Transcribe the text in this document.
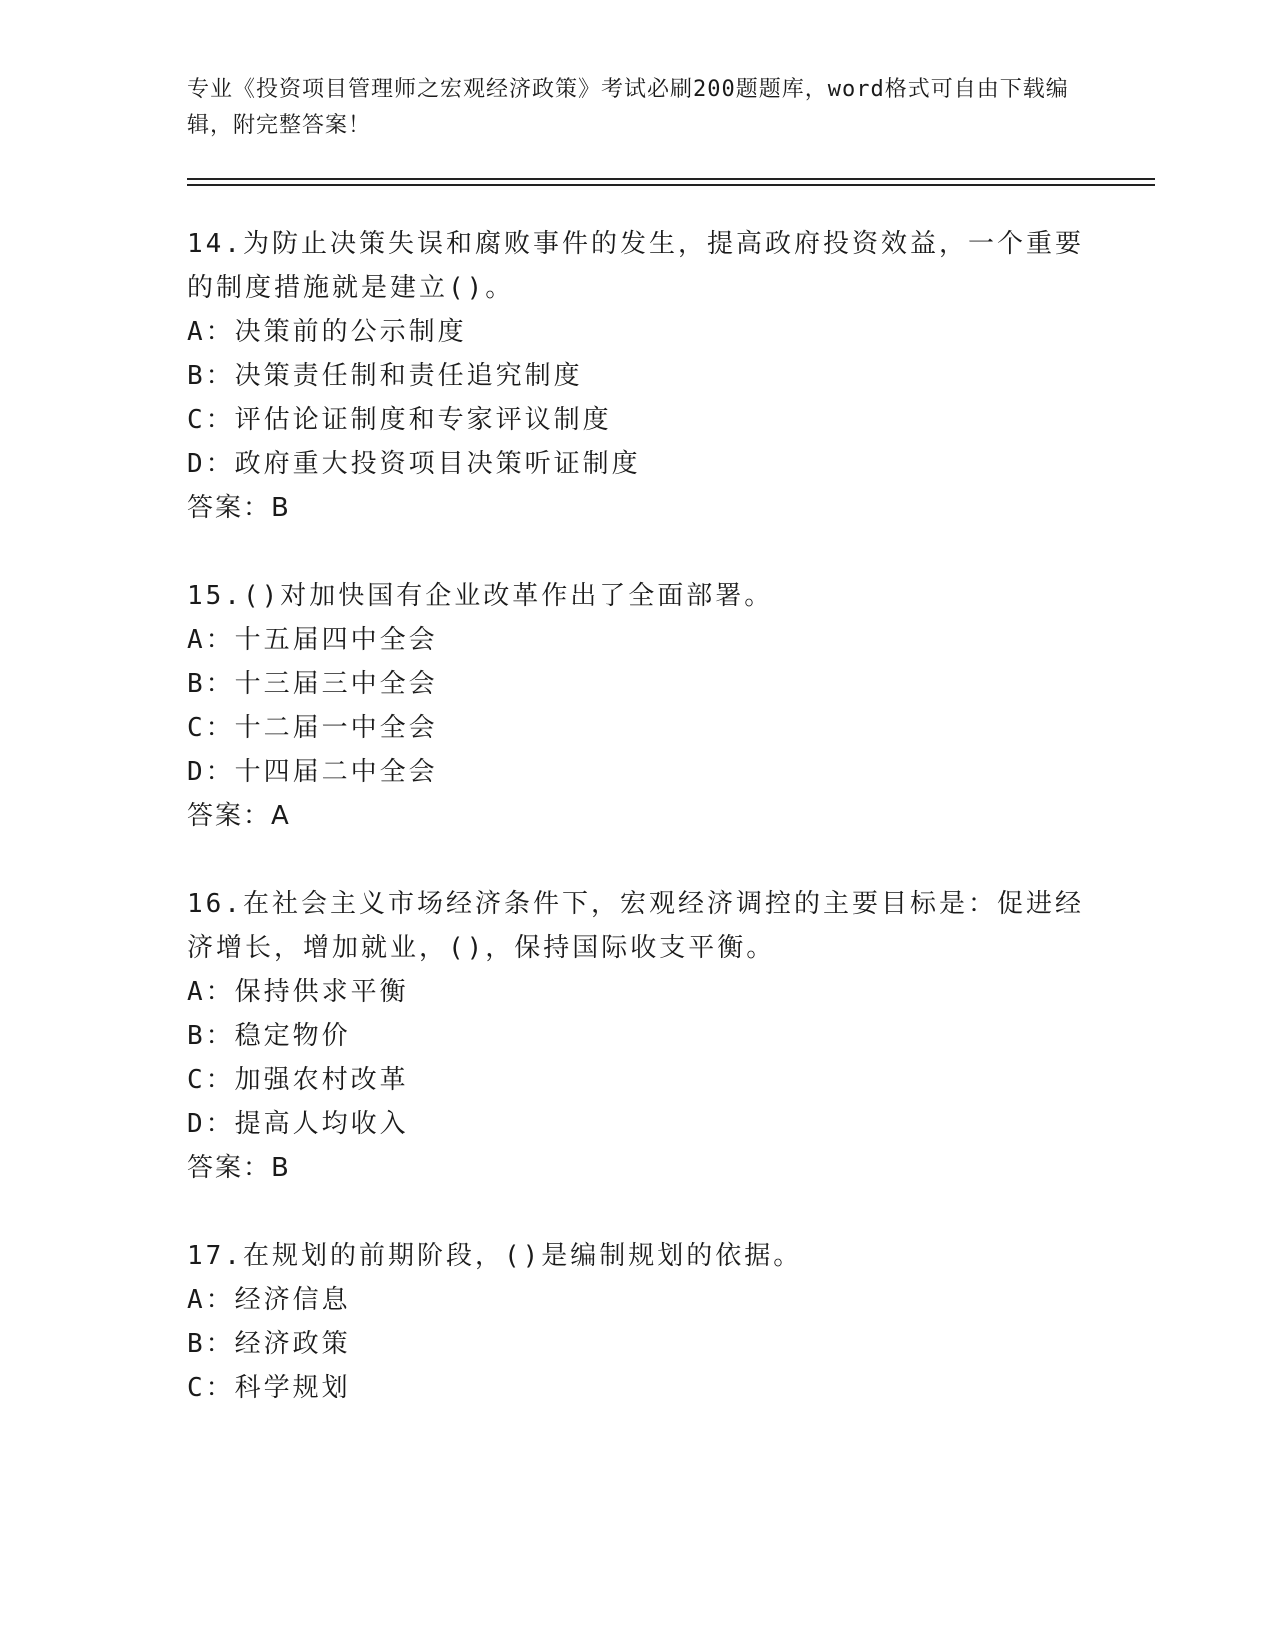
专业《投资项目管理师之宏观经济政策》考试必刷200题题库，word格式可自由下载编辑，附完整答案！

14.为防止决策失误和腐败事件的发生，提高政府投资效益，一个重要

的制度措施就是建立()。

A：决策前的公示制度

B：决策责任制和责任追究制度

C：评估论证制度和专家评议制度

D：政府重大投资项目决策听证制度

答案：B

15.()对加快国有企业改革作出了全面部署。

A：十五届四中全会

B：十三届三中全会

C：十二届一中全会

D：十四届二中全会

答案：A

16.在社会主义市场经济条件下，宏观经济调控的主要目标是：促进经

济增长，增加就业，()，保持国际收支平衡。

A：保持供求平衡

B：稳定物价

C：加强农村改革

D：提高人均收入

答案：B

17.在规划的前期阶段，()是编制规划的依据。

A：经济信息

B：经济政策

C：科学规划
